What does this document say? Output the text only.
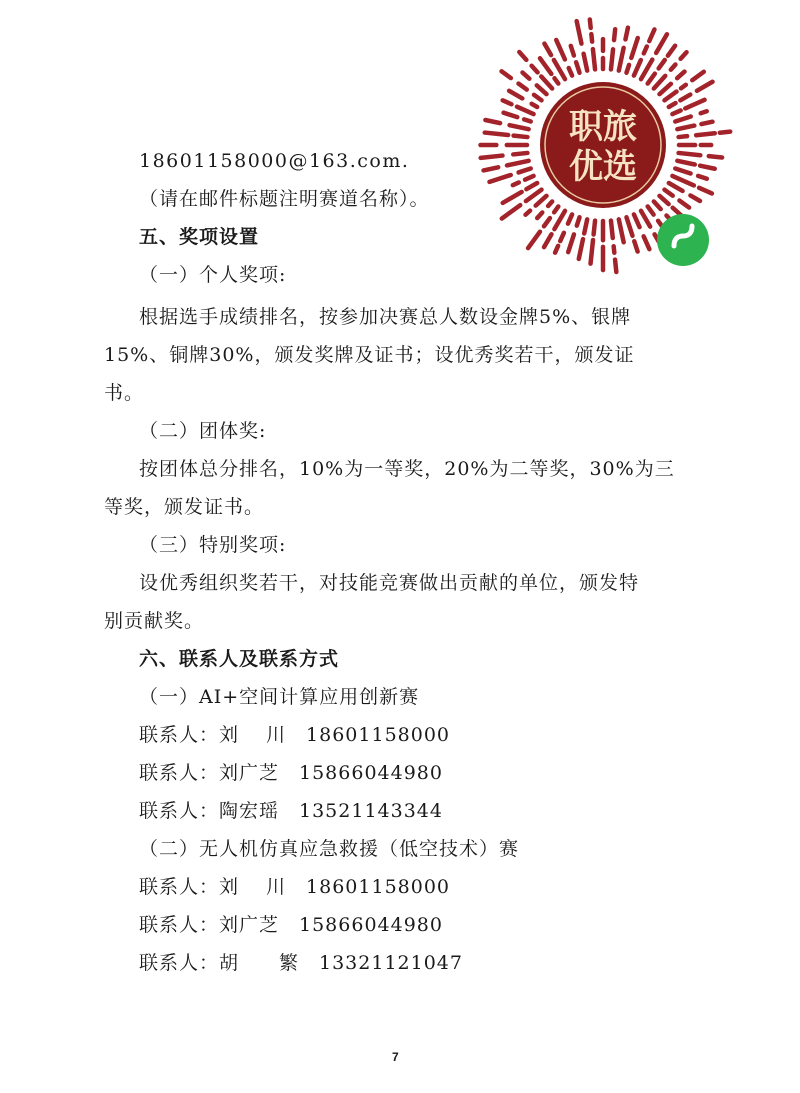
职旅
优选
18601158000@163.com.
（请在邮件标题注明赛道名称）。
五、奖项设置
（一）个人奖项:
根据选手成绩排名，按参加决赛总人数设金牌5%、银牌
15%、铜牌30%，颁发奖牌及证书；设优秀奖若干，颁发证
书。
（二）团体奖:
按团体总分排名，10%为一等奖，20%为二等奖，30%为三
等奖，颁发证书。
（三）特别奖项:
设优秀组织奖若干，对技能竞赛做出贡献的单位，颁发特
别贡献奖。
六、联系人及联系方式
（一）AI+空间计算应用创新赛
联系人：刘　 川　18601158000
联系人：刘广芝　15866044980
联系人：陶宏瑶　13521143344
（二）无人机仿真应急救援（低空技术）赛
联系人：刘　 川　18601158000
联系人：刘广芝　15866044980
联系人：胡　　繁　13321121047
7
